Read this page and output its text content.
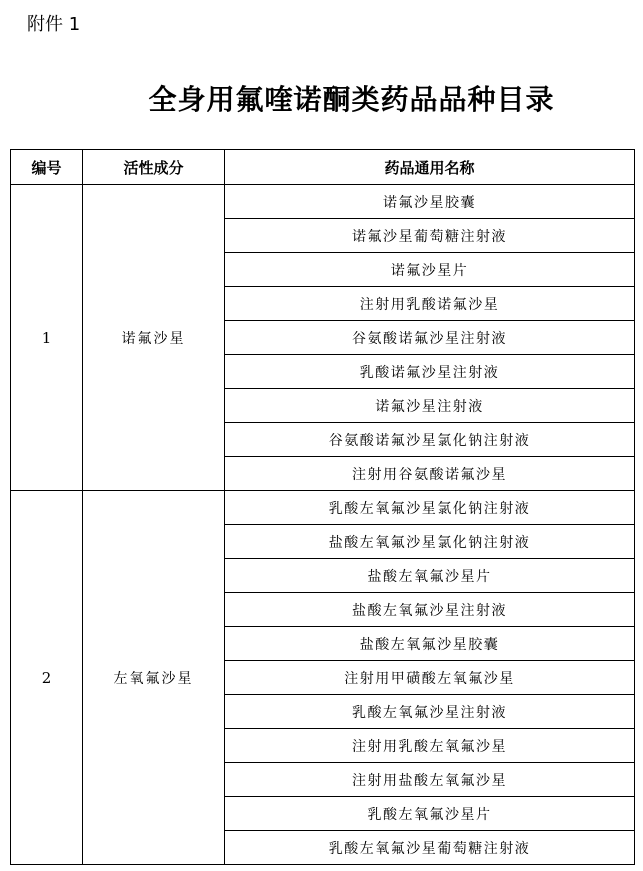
附件 1
全身用氟喹诺酮类药品品种目录
编号	活性成分	药品通用名称
1	诺氟沙星	诺氟沙星胶囊
		诺氟沙星葡萄糖注射液
		诺氟沙星片
		注射用乳酸诺氟沙星
		谷氨酸诺氟沙星注射液
		乳酸诺氟沙星注射液
		诺氟沙星注射液
		谷氨酸诺氟沙星氯化钠注射液
		注射用谷氨酸诺氟沙星
2	左氧氟沙星	乳酸左氧氟沙星氯化钠注射液
		盐酸左氧氟沙星氯化钠注射液
		盐酸左氧氟沙星片
		盐酸左氧氟沙星注射液
		盐酸左氧氟沙星胶囊
		注射用甲磺酸左氧氟沙星
		乳酸左氧氟沙星注射液
		注射用乳酸左氧氟沙星
		注射用盐酸左氧氟沙星
		乳酸左氧氟沙星片
		乳酸左氧氟沙星葡萄糖注射液
